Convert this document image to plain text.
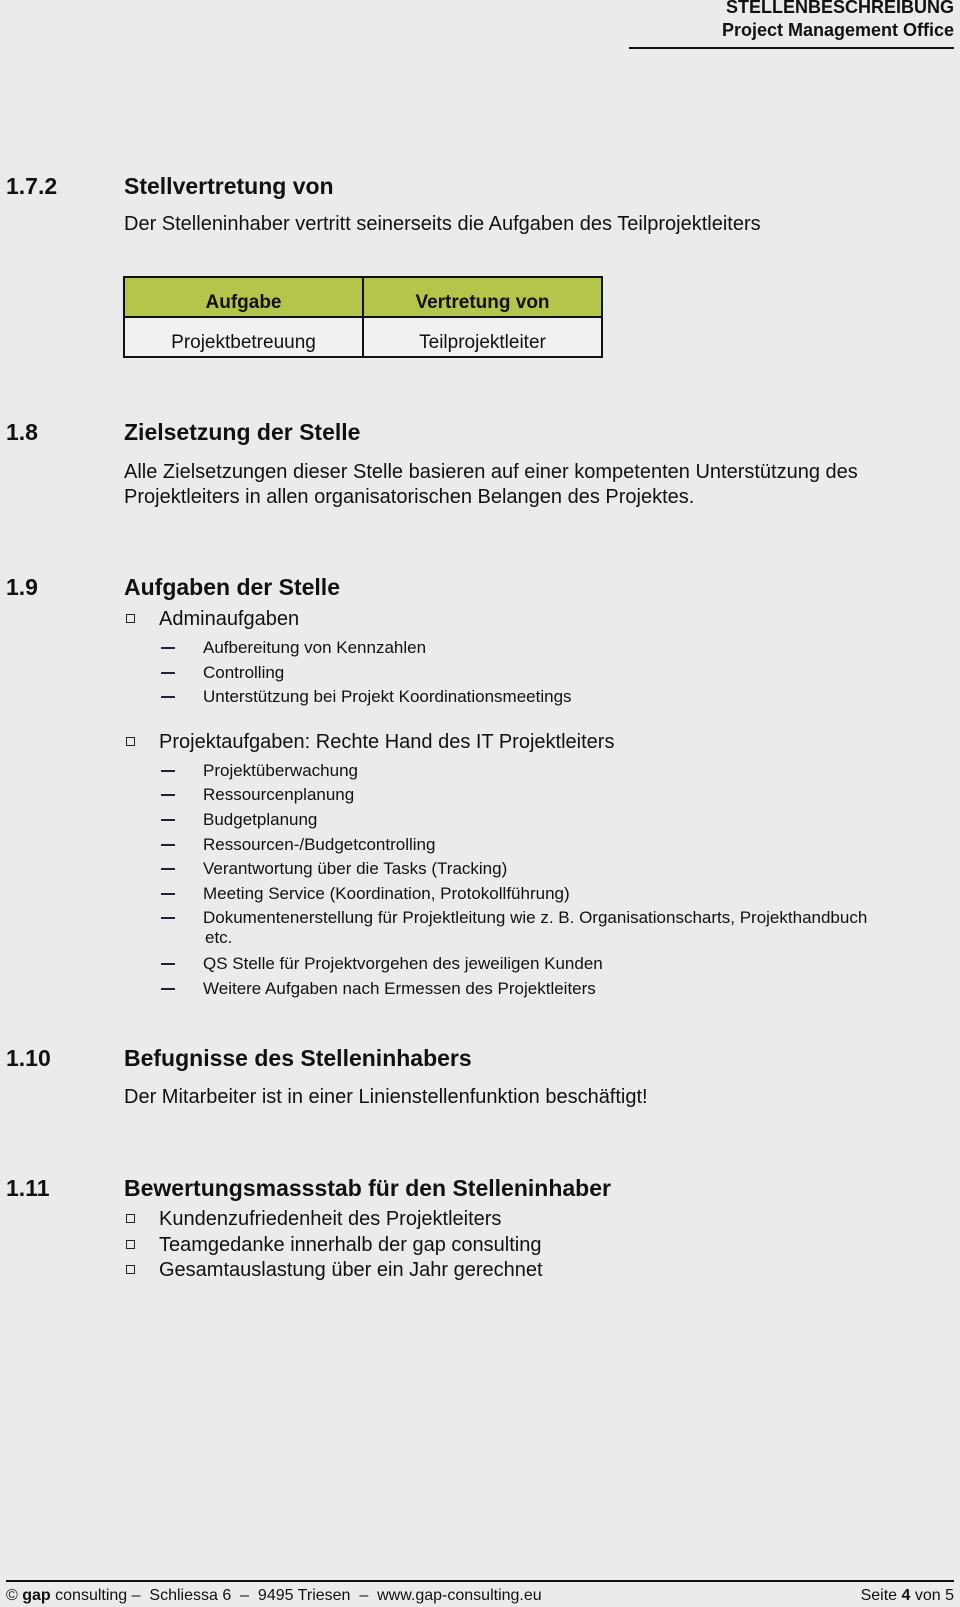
STELLENBESCHREIBUNG
Project Management Office
1.7.2	Stellvertretung von
Der Stelleninhaber vertritt seinerseits die Aufgaben des Teilprojektleiters
Aufgabe	Vertretung von
Projektbetreuung	Teilprojektleiter
1.8	Zielsetzung der Stelle
Alle Zielsetzungen dieser Stelle basieren auf einer kompetenten Unterstützung des
Projektleiters in allen organisatorischen Belangen des Projektes.
1.9	Aufgaben der Stelle
1.10	Befugnisse des Stelleninhabers
Der Mitarbeiter ist in einer Linienstellenfunktion beschäftigt!
1.11	Bewertungsmassstab für den Stelleninhaber
© gap consulting –  Schliessa 6  –  9495 Triesen  –  www.gap-consulting.eu	Seite 4 von 5
Adminaufgaben
Aufbereitung von Kennzahlen
Controlling
Unterstützung bei Projekt Koordinationsmeetings
Projektaufgaben: Rechte Hand des IT Projektleiters
Projektüberwachung
Ressourcenplanung
Budgetplanung
Ressourcen-/Budgetcontrolling
Verantwortung über die Tasks (Tracking)
Meeting Service (Koordination, Protokollführung)
Dokumentenerstellung für Projektleitung wie z. B. Organisationscharts, Projekthandbuch
etc.
QS Stelle für Projektvorgehen des jeweiligen Kunden
Weitere Aufgaben nach Ermessen des Projektleiters
Kundenzufriedenheit des Projektleiters
Teamgedanke innerhalb der gap consulting
Gesamtauslastung über ein Jahr gerechnet
